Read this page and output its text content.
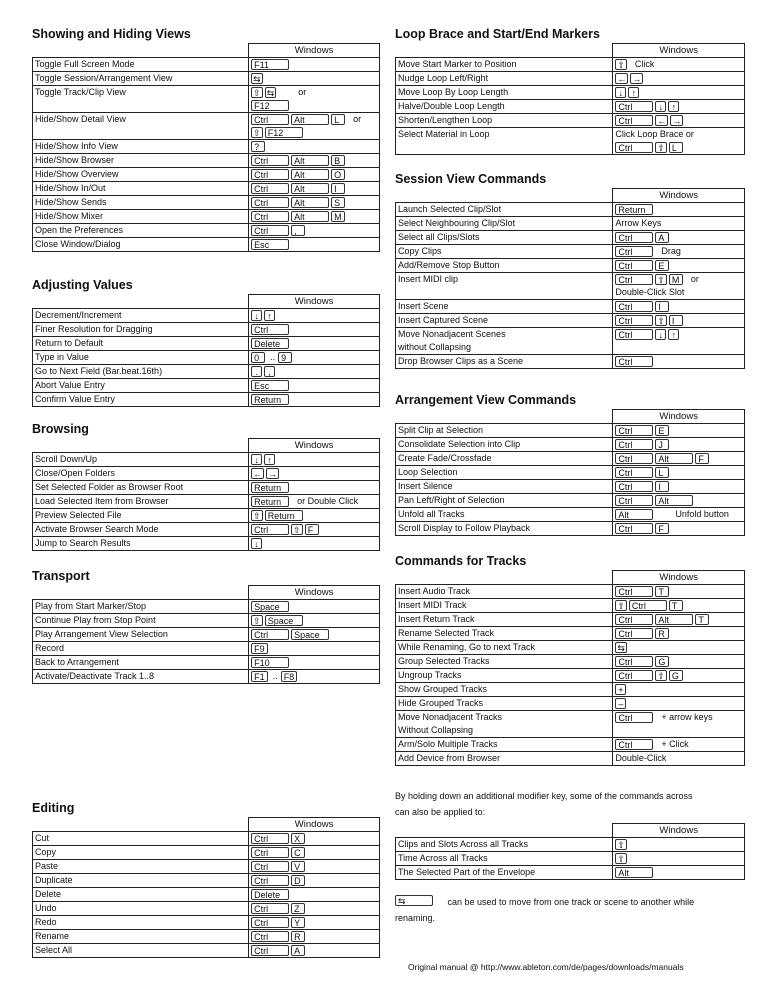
Showing and Hiding Views
	Windows
Toggle Full Screen Mode	F11
Toggle Session/Arrangement View	⇆
Toggle Track/Clip View	⇧ ⇆ or
	F12
Hide/Show Detail View	Ctrl Alt L or
	⇧ F12
Hide/Show Info View	?
Hide/Show Browser	Ctrl Alt B
Hide/Show Overview	Ctrl Alt O
Hide/Show In/Out	Ctrl Alt I
Hide/Show Sends	Ctrl Alt S
Hide/Show Mixer	Ctrl Alt M
Open the Preferences	Ctrl ,
Close Window/Dialog	Esc
Adjusting Values
	Windows
Decrement/Increment	↓ ↑
Finer Resolution for Dragging	Ctrl
Return to Default	Delete
Type in Value	0 .. 9
Go to Next Field (Bar.beat.16th)	. ,
Abort Value Entry	Esc
Confirm Value Entry	Return
Browsing
	Windows
Scroll Down/Up	↓ ↑
Close/Open Folders	← →
Set Selected Folder as Browser Root	Return
Load Selected Item from Browser	Return or Double Click
Preview Selected File	⇧ Return
Activate Browser Search Mode	Ctrl ⇧ F
Jump to Search Results	↓
Transport
	Windows
Play from Start Marker/Stop	Space
Continue Play from Stop Point	⇧ Space
Play Arrangement View Selection	Ctrl Space
Record	F9
Back to Arrangement	F10
Activate/Deactivate Track 1..8	F1 .. F8
Editing
	Windows
Cut	Ctrl X
Copy	Ctrl C
Paste	Ctrl V
Duplicate	Ctrl D
Delete	Delete
Undo	Ctrl Z
Redo	Ctrl Y
Rename	Ctrl R
Select All	Ctrl A
Loop Brace and Start/End Markers
	Windows
Move Start Marker to Position	⇧ Click
Nudge Loop Left/Right	← →
Move Loop By Loop Length	↓ ↑
Halve/Double Loop Length	Ctrl ↓ ↑
Shorten/Lengthen Loop	Ctrl ← →
Select Material in Loop	Click Loop Brace or
	Ctrl ⇧ L
Session View Commands
	Windows
Launch Selected Clip/Slot	Return
Select Neighbouring Clip/Slot	Arrow Keys
Select all Clips/Slots	Ctrl A
Copy Clips	Ctrl Drag
Add/Remove Stop Button	Ctrl E
Insert MIDI clip	Ctrl ⇧ M or
	Double-Click Slot
Insert Scene	Ctrl I
Insert Captured Scene	Ctrl ⇧ I
Move Nonadjacent Scenes	Ctrl ↓ ↑
without Collapsing	
Drop Browser Clips as a Scene	Ctrl
Arrangement View Commands
	Windows
Split Clip at Selection	Ctrl E
Consolidate Selection into Clip	Ctrl J
Create Fade/Crossfade	Ctrl Alt F
Loop Selection	Ctrl L
Insert Silence	Ctrl I
Pan Left/Right of Selection	Ctrl Alt
Unfold all Tracks	Alt Unfold button
Scroll Display to Follow Playback	Ctrl F
Commands for Tracks
	Windows
Insert Audio Track	Ctrl T
Insert MIDI Track	⇧ Ctrl T
Insert Return Track	Ctrl Alt T
Rename Selected Track	Ctrl R
While Renaming, Go to next Track	⇆
Group Selected Tracks	Ctrl G
Ungroup Tracks	Ctrl ⇧ G
Show Grouped Tracks	+
Hide Grouped Tracks	–
Move Nonadjacent Tracks	Ctrl + arrow keys
Without Collapsing	
Arm/Solo Multiple Tracks	Ctrl + Click
Add Device from Browser	Double-Click
By holding down an additional modifier key, some of the commands across can also be applied to:
	Windows
Clips and Slots Across all Tracks	⇧
Time Across all Tracks	⇧
The Selected Part of the Envelope	Alt
⇆	can be used to move from one track or scene to another while renaming.
Original manual @ http://www.ableton.com/de/pages/downloads/manuals
